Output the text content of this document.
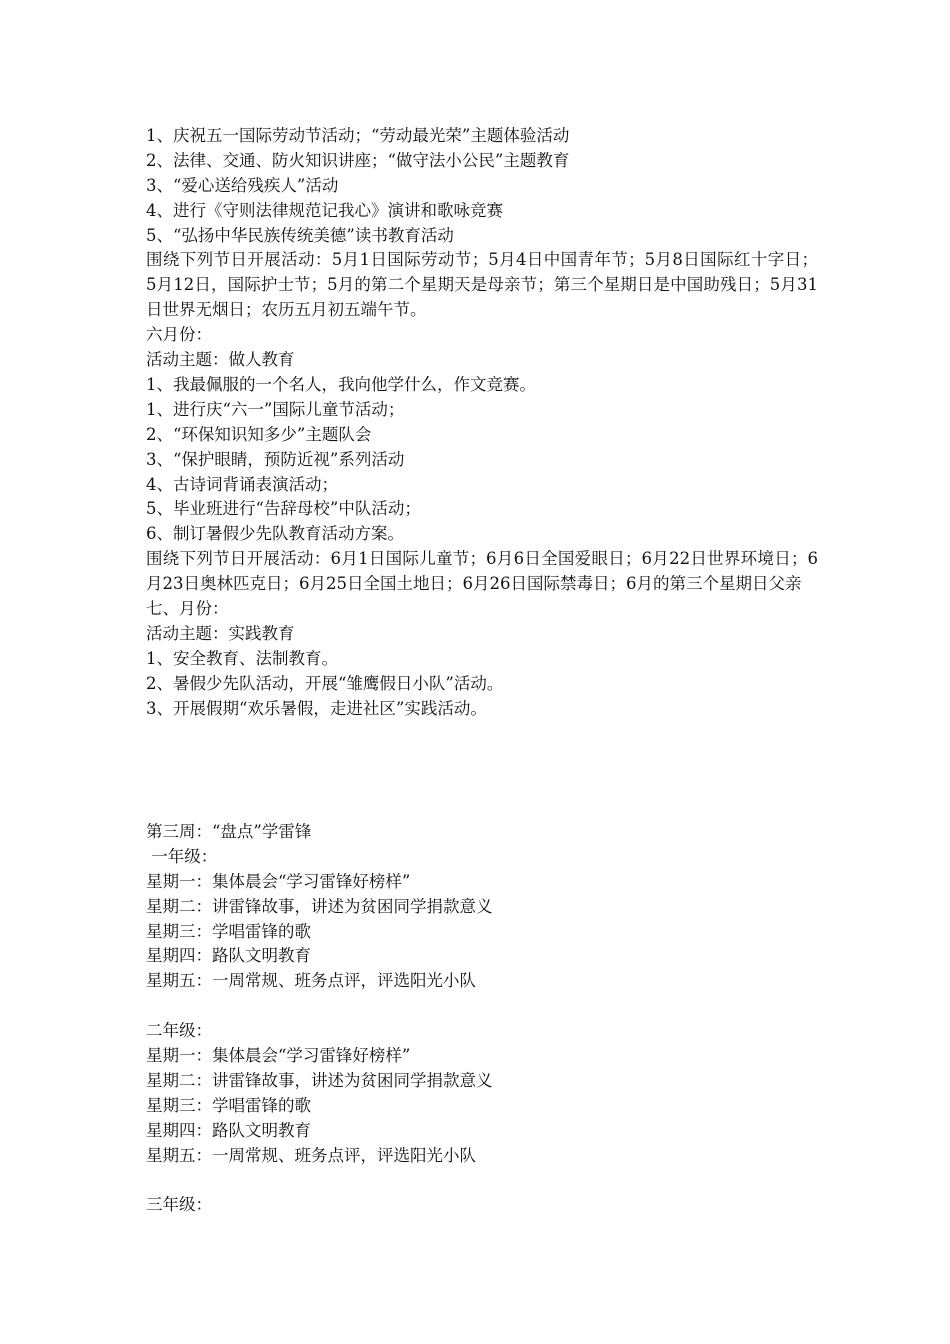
1、庆祝五一国际劳动节活动；“劳动最光荣”主题体验活动
2、法律、交通、防火知识讲座；“做守法小公民”主题教育
3、“爱心送给残疾人”活动
4、进行《守则法律规范记我心》演讲和歌咏竞赛
5、“弘扬中华民族传统美德”读书教育活动
围绕下列节日开展活动：5月1日国际劳动节；5月4日中国青年节；5月8日国际红十字日； 5月12日，国际护士节；5月的第二个星期天是母亲节；第三个星期日是中国助残日；5月31日世界无烟日；农历五月初五端午节。
六月份：
活动主题：做人教育
1、我最佩服的一个名人，我向他学什么，作文竞赛。
1、进行庆“六一”国际儿童节活动；
2、“环保知识知多少”主题队会
3、“保护眼睛，预防近视”系列活动
4、古诗词背诵表演活动；
5、毕业班进行“告辞母校”中队活动；
6、制订暑假少先队教育活动方案。
围绕下列节日开展活动：6月1日国际儿童节；6月6日全国爱眼日；6月22日世界环境日；6月23日奥林匹克日；6月25日全国土地日；6月26日国际禁毒日；6月的第三个星期日父亲
七、月份：
活动主题：实践教育
1、安全教育、法制教育。
2、暑假少先队活动，开展“雏鹰假日小队”活动。
3、开展假期“欢乐暑假，走进社区”实践活动。
第三周：“盘点”学雷锋
一年级：
星期一：集体晨会“学习雷锋好榜样”
星期二：讲雷锋故事，讲述为贫困同学捐款意义
星期三：学唱雷锋的歌
星期四：路队文明教育
星期五：一周常规、班务点评，评选阳光小队
二年级：
星期一：集体晨会“学习雷锋好榜样”
星期二：讲雷锋故事，讲述为贫困同学捐款意义
星期三：学唱雷锋的歌
星期四：路队文明教育
星期五：一周常规、班务点评，评选阳光小队
三年级：
